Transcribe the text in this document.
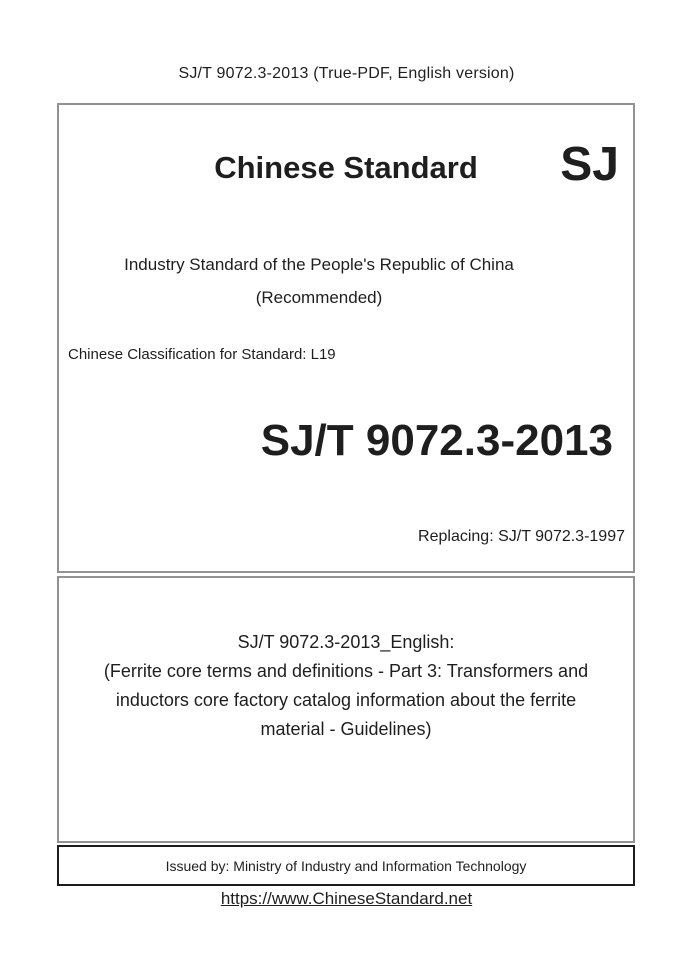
SJ/T 9072.3-2013 (True-PDF, English version)
Chinese Standard	SJ
Industry Standard of the People's Republic of China
(Recommended)
Chinese Classification for Standard: L19
SJ/T 9072.3-2013
Replacing: SJ/T 9072.3-1997
SJ/T 9072.3-2013_English:
(Ferrite core terms and definitions - Part 3: Transformers and
inductors core factory catalog information about the ferrite
material - Guidelines)
Issued by: Ministry of Industry and Information Technology
https://www.ChineseStandard.net
